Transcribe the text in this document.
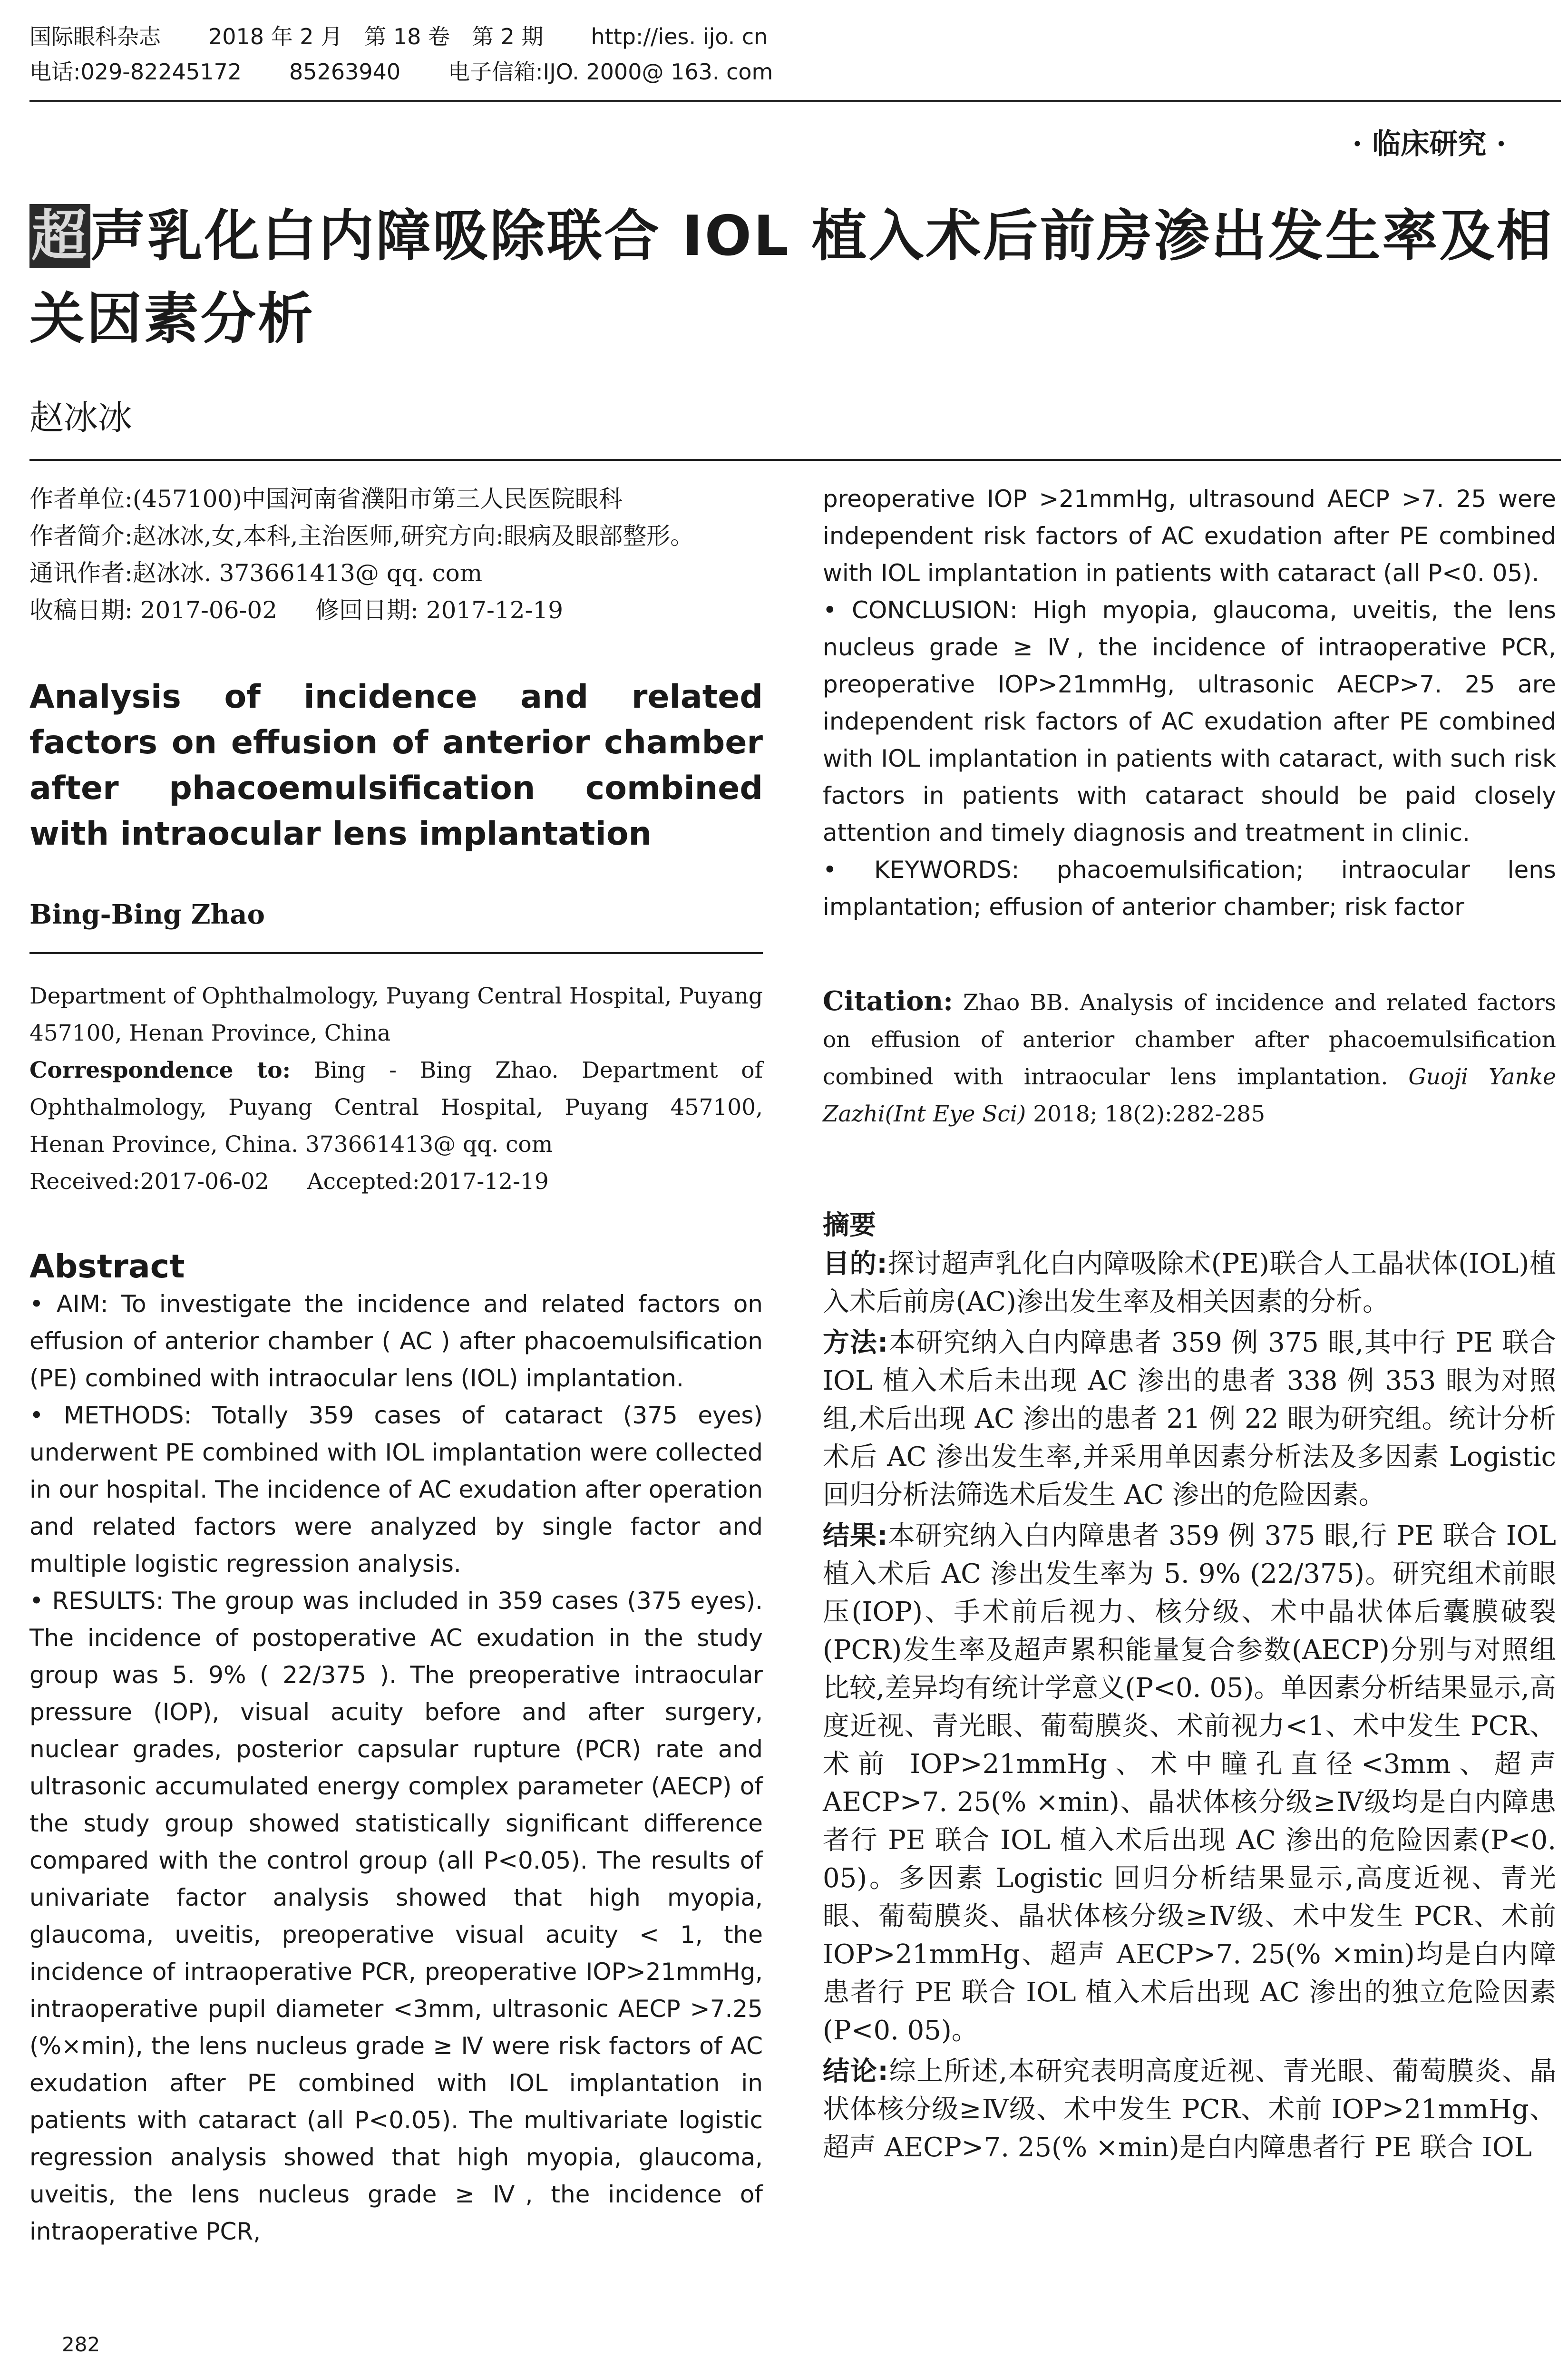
国际眼科杂志 2018 年 2 月　第 18 卷　第 2 期 http://ies. ijo. cn
电话:029-82245172 85263940 电子信箱:IJO. 2000@ 163. com
· 临床研究 ·
超声乳化白内障吸除联合 IOL 植入术后前房渗出发生率及相关因素分析
赵冰冰

作者单位:(457100)中国河南省濮阳市第三人民医院眼科

作者简介:赵冰冰,女,本科,主治医师,研究方向:眼病及眼部整形。

通讯作者:赵冰冰. 373661413@ qq. com

收稿日期: 2017-06-02 修回日期: 2017-12-19
Analysis of incidence and related factors on effusion of anterior chamber after phacoemulsification combined with intraocular lens implantation
Bing-Bing Zhao

Department of Ophthalmology, Puyang Central Hospital, Puyang 457100, Henan Province, China

Correspondence to: Bing - Bing Zhao. Department of Ophthalmology, Puyang Central Hospital, Puyang 457100, Henan Province, China. 373661413@ qq. com

Received:2017-06-02 Accepted:2017-12-19
Abstract

• AIM: To investigate the incidence and related factors on effusion of anterior chamber ( AC ) after phacoemulsification (PE) combined with intraocular lens (IOL) implantation.

• METHODS: Totally 359 cases of cataract (375 eyes) underwent PE combined with IOL implantation were collected in our hospital. The incidence of AC exudation after operation and related factors were analyzed by single factor and multiple logistic regression analysis.

• RESULTS: The group was included in 359 cases (375 eyes). The incidence of postoperative AC exudation in the study group was 5. 9% ( 22/375 ). The preoperative intraocular pressure (IOP), visual acuity before and after surgery, nuclear grades, posterior capsular rupture (PCR) rate and ultrasonic accumulated energy complex parameter (AECP) of the study group showed statistically significant difference compared with the control group (all P<0.05). The results of univariate factor analysis showed that high myopia, glaucoma, uveitis, preoperative visual acuity < 1, the incidence of intraoperative PCR, preoperative IOP>21mmHg, intraoperative pupil diameter <3mm, ultrasonic AECP >7.25 (%×min), the lens nucleus grade ≥ Ⅳ were risk factors of AC exudation after PE combined with IOL implantation in patients with cataract (all P<0.05). The multivariate logistic regression analysis showed that high myopia, glaucoma, uveitis, the lens nucleus grade ≥ Ⅳ, the incidence of intraoperative PCR,

preoperative IOP >21mmHg, ultrasound AECP >7. 25 were independent risk factors of AC exudation after PE combined with IOL implantation in patients with cataract (all P<0. 05).

• CONCLUSION: High myopia, glaucoma, uveitis, the lens nucleus grade ≥ Ⅳ, the incidence of intraoperative PCR, preoperative IOP>21mmHg, ultrasonic AECP>7. 25 are independent risk factors of AC exudation after PE combined with IOL implantation in patients with cataract, with such risk factors in patients with cataract should be paid closely attention and timely diagnosis and treatment in clinic.

• KEYWORDS: phacoemulsification; intraocular lens implantation; effusion of anterior chamber; risk factor

Citation: Zhao BB. Analysis of incidence and related factors on effusion of anterior chamber after phacoemulsification combined with intraocular lens implantation. Guoji Yanke Zazhi(Int Eye Sci) 2018; 18(2):282-285

摘要

目的:探讨超声乳化白内障吸除术(PE)联合人工晶状体(IOL)植入术后前房(AC)渗出发生率及相关因素的分析。

方法:本研究纳入白内障患者 359 例 375 眼,其中行 PE 联合 IOL 植入术后未出现 AC 渗出的患者 338 例 353 眼为对照组,术后出现 AC 渗出的患者 21 例 22 眼为研究组。统计分析术后 AC 渗出发生率,并采用单因素分析法及多因素 Logistic 回归分析法筛选术后发生 AC 渗出的危险因素。

结果:本研究纳入白内障患者 359 例 375 眼,行 PE 联合 IOL 植入术后 AC 渗出发生率为 5. 9% (22/375)。研究组术前眼压(IOP)、手术前后视力、核分级、术中晶状体后囊膜破裂(PCR)发生率及超声累积能量复合参数(AECP)分别与对照组比较,差异均有统计学意义(P<0. 05)。单因素分析结果显示,高度近视、青光眼、葡萄膜炎、术前视力<1、术中发生 PCR、术前 IOP>21mmHg、术中瞳孔直径<3mm、超声 AECP>7. 25(% ×min)、晶状体核分级≥Ⅳ级均是白内障患者行 PE 联合 IOL 植入术后出现 AC 渗出的危险因素(P<0. 05)。多因素 Logistic 回归分析结果显示,高度近视、青光眼、葡萄膜炎、晶状体核分级≥Ⅳ级、术中发生 PCR、术前 IOP>21mmHg、超声 AECP>7. 25(% ×min)均是白内障患者行 PE 联合 IOL 植入术后出现 AC 渗出的独立危险因素(P<0. 05)。

结论:综上所述,本研究表明高度近视、青光眼、葡萄膜炎、晶状体核分级≥Ⅳ级、术中发生 PCR、术前 IOP>21mmHg、超声 AECP>7. 25(% ×min)是白内障患者行 PE 联合 IOL

282
